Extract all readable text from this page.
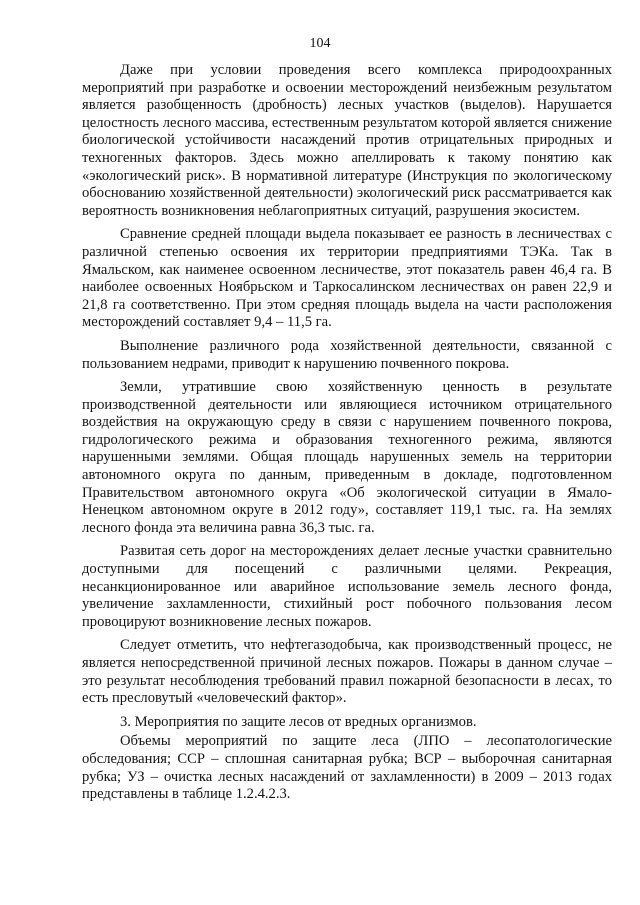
104

Даже при условии проведения всего комплекса природоохранных мероприятий при разработке и освоении месторождений неизбежным результатом является разобщенность (дробность) лесных участков (выделов). Нарушается целостность лесного массива, естественным результатом которой является снижение биологической устойчивости насаждений против отрицательных природных и техногенных факторов. Здесь можно апеллировать к такому понятию как «экологический риск». В нормативной литературе (Инструкция по экологическому обоснованию хозяйственной деятельности) экологический риск рассматривается как вероятность возникновения неблагоприятных ситуаций, разрушения экосистем.

Сравнение средней площади выдела показывает ее разность в лесничествах с различной степенью освоения их территории предприятиями ТЭКа. Так в Ямальском, как наименее освоенном лесничестве, этот показатель равен 46,4 га. В наиболее освоенных Ноябрьском и Таркосалинском лесничествах он равен 22,9 и 21,8 га соответственно. При этом средняя площадь выдела на части расположения месторождений составляет 9,4 – 11,5 га.

Выполнение различного рода хозяйственной деятельности, связанной с пользованием недрами, приводит к нарушению почвенного покрова.

Земли, утратившие свою хозяйственную ценность в результате производственной деятельности или являющиеся источником отрицательного воздействия на окружающую среду в связи с нарушением почвенного покрова, гидрологического режима и образования техногенного режима, являются нарушенными землями. Общая площадь нарушенных земель на территории автономного округа по данным, приведенным в докладе, подготовленном Правительством автономного округа «Об экологической ситуации в Ямало-Ненецком автономном округе в 2012 году», составляет 119,1 тыс. га. На землях лесного фонда эта величина равна 36,3 тыс. га.

Развитая сеть дорог на месторождениях делает лесные участки сравнительно доступными для посещений с различными целями. Рекреация, несанкционированное или аварийное использование земель лесного фонда, увеличение захламленности, стихийный рост побочного пользования лесом провоцируют возникновение лесных пожаров.

Следует отметить, что нефтегазодобыча, как производственный процесс, не является непосредственной причиной лесных пожаров. Пожары в данном случае – это результат несоблюдения требований правил пожарной безопасности в лесах, то есть пресловутый «человеческий фактор».

3. Мероприятия по защите лесов от вредных организмов.

Объемы мероприятий по защите леса (ЛПО – лесопатологические обследования; ССР – сплошная санитарная рубка; ВСР – выборочная санитарная рубка; УЗ – очистка лесных насаждений от захламленности) в 2009 – 2013 годах представлены в таблице 1.2.4.2.3.
